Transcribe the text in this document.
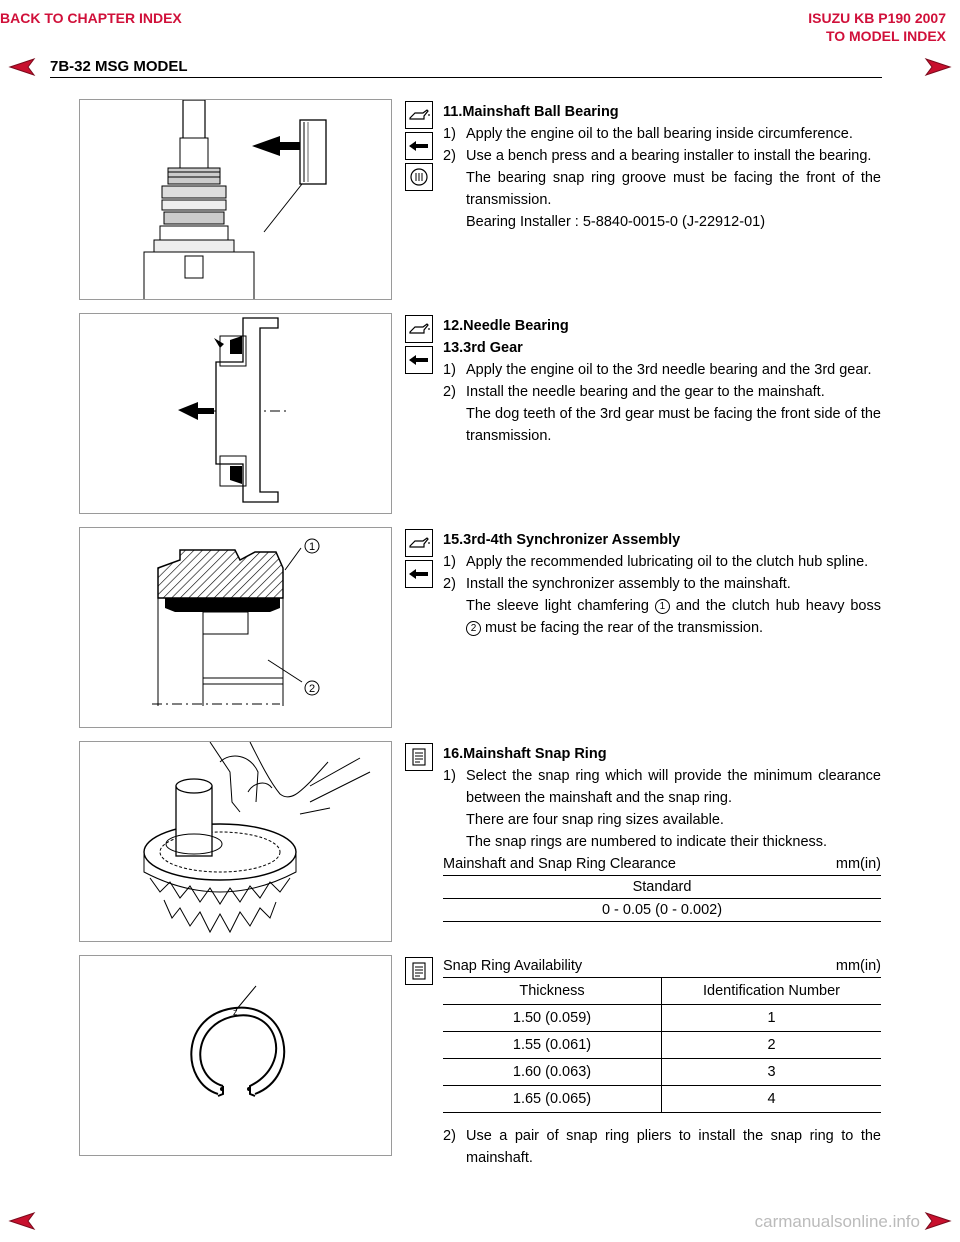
BACK TO CHAPTER INDEX	ISUZU KB P190 2007
TO MODEL INDEX
7B-32 MSG MODEL
11.Mainshaft Ball Bearing
1) Apply the engine oil to the ball bearing inside circumference.
2) Use a bench press and a bearing installer to install the bearing.
The bearing snap ring groove must be facing the front of the transmission.
Bearing Installer : 5-8840-0015-0 (J-22912-01)
12.Needle Bearing
13.3rd Gear
1) Apply the engine oil to the 3rd needle bearing and the 3rd gear.
2) Install the needle bearing and the gear to the mainshaft.
The dog teeth of the 3rd gear must be facing the front side of the transmission.
1
2
15.3rd-4th Synchronizer Assembly
1) Apply the recommended lubricating oil to the clutch hub spline.
2) Install the synchronizer assembly to the mainshaft.
The sleeve light chamfering 1 and the clutch hub heavy boss 2 must be facing the rear of the transmission.
16.Mainshaft Snap Ring
1) Select the snap ring which will provide the minimum clearance between the mainshaft and the snap ring.
There are four snap ring sizes available.
The snap rings are numbered to indicate their thickness.
Mainshaft and Snap Ring Clearance	mm(in)
Standard
0 - 0.05 (0 - 0.002)
z
Snap Ring Availability	mm(in)
Thickness	Identification Number
1.50 (0.059)	1
1.55 (0.061)	2
1.60 (0.063)	3
1.65 (0.065)	4
2) Use a pair of snap ring pliers to install the snap ring to the mainshaft.
carmanualsonline.info
